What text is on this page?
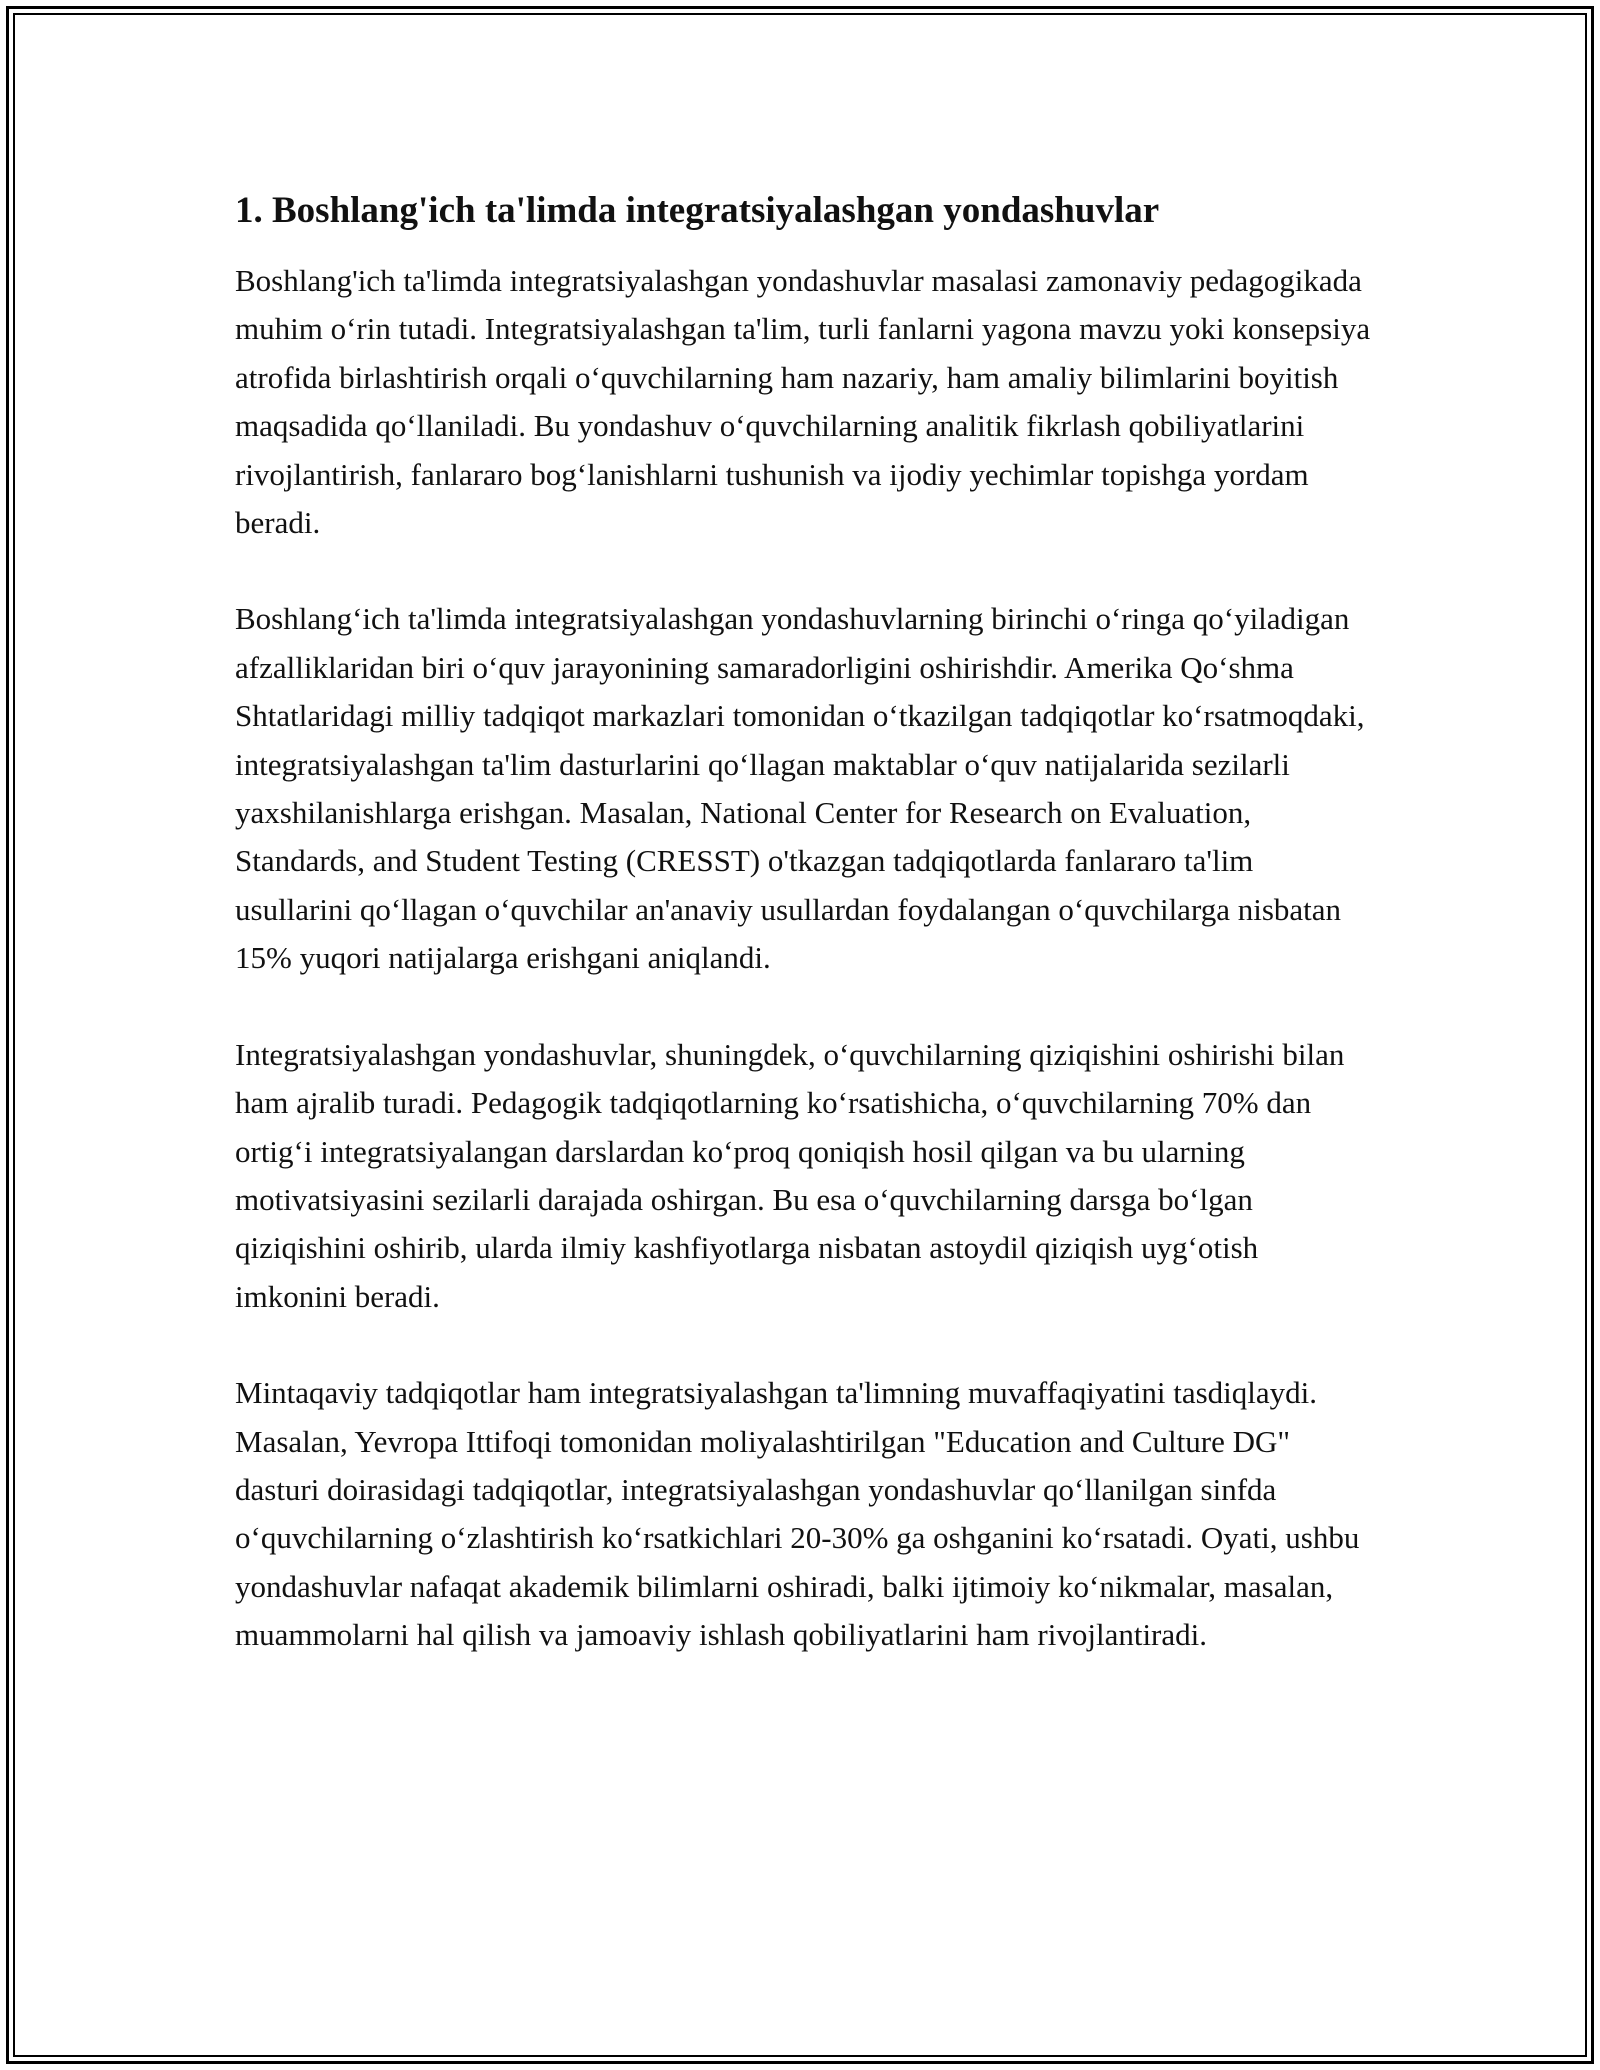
1. Boshlang'ich ta'limda integratsiyalashgan yondashuvlar

Boshlang'ich ta'limda integratsiyalashgan yondashuvlar masalasi zamonaviy pedagogikada muhim o‘rin tutadi. Integratsiyalashgan ta'lim, turli fanlarni yagona mavzu yoki konsepsiya atrofida birlashtirish orqali o‘quvchilarning ham nazariy, ham amaliy bilimlarini boyitish maqsadida qo‘llaniladi. Bu yondashuv o‘quvchilarning analitik fikrlash qobiliyatlarini rivojlantirish, fanlararo bog‘lanishlarni tushunish va ijodiy yechimlar topishga yordam beradi.

Boshlang‘ich ta'limda integratsiyalashgan yondashuvlarning birinchi o‘ringa qo‘yiladigan afzalliklaridan biri o‘quv jarayonining samaradorligini oshirishdir. Amerika Qo‘shma Shtatlaridagi milliy tadqiqot markazlari tomonidan o‘tkazilgan tadqiqotlar ko‘rsatmoqdaki, integratsiyalashgan ta'lim dasturlarini qo‘llagan maktablar o‘quv natijalarida sezilarli yaxshilanishlarga erishgan. Masalan, National Center for Research on Evaluation, Standards, and Student Testing (CRESST) o'tkazgan tadqiqotlarda fanlararo ta'lim usullarini qo‘llagan o‘quvchilar an'anaviy usullardan foydalangan o‘quvchilarga nisbatan 15% yuqori natijalarga erishgani aniqlandi.

Integratsiyalashgan yondashuvlar, shuningdek, o‘quvchilarning qiziqishini oshirishi bilan ham ajralib turadi. Pedagogik tadqiqotlarning ko‘rsatishicha, o‘quvchilarning 70% dan ortig‘i integratsiyalangan darslardan ko‘proq qoniqish hosil qilgan va bu ularning motivatsiyasini sezilarli darajada oshirgan. Bu esa o‘quvchilarning darsga bo‘lgan qiziqishini oshirib, ularda ilmiy kashfiyotlarga nisbatan astoydil qiziqish uyg‘otish imkonini beradi.

Mintaqaviy tadqiqotlar ham integratsiyalashgan ta'limning muvaffaqiyatini tasdiqlaydi. Masalan, Yevropa Ittifoqi tomonidan moliyalashtirilgan "Education and Culture DG" dasturi doirasidagi tadqiqotlar, integratsiyalashgan yondashuvlar qo‘llanilgan sinfda o‘quvchilarning o‘zlashtirish ko‘rsatkichlari 20-30% ga oshganini ko‘rsatadi. Oyati, ushbu yondashuvlar nafaqat akademik bilimlarni oshiradi, balki ijtimoiy ko‘nikmalar, masalan, muammolarni hal qilish va jamoaviy ishlash qobiliyatlarini ham rivojlantiradi.
